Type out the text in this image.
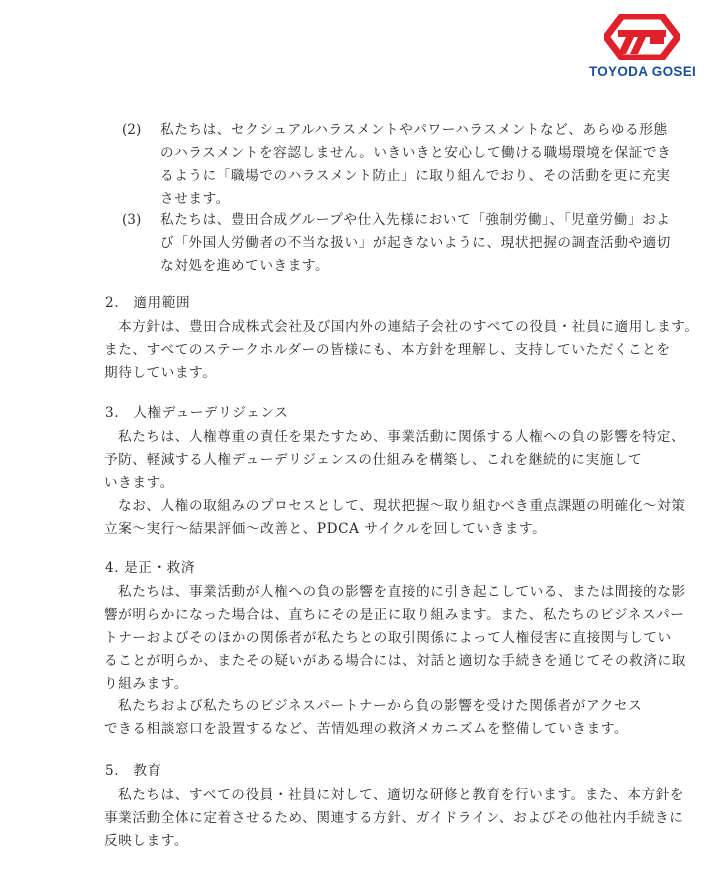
TOYODA GOSEI
(2) 私たちは、セクシュアルハラスメントやパワーハラスメントなど、あらゆる形態
のハラスメントを容認しません。いきいきと安心して働ける職場環境を保証でき
るように「職場でのハラスメント防止」に取り組んでおり、その活動を更に充実
させます。
(3) 私たちは、豊田合成グループや仕入先様において「強制労働」、「児童労働」およ
び「外国人労働者の不当な扱い」が起きないように、現状把握の調査活動や適切
な対処を進めていきます。
2.　適用範囲
本方針は、豊田合成株式会社及び国内外の連結子会社のすべての役員・社員に適用します。
また、すべてのステークホルダーの皆様にも、本方針を理解し、支持していただくことを
期待しています。
3.　人権デューデリジェンス
私たちは、人権尊重の責任を果たすため、事業活動に関係する人権への負の影響を特定、
予防、軽減する人権デューデリジェンスの仕組みを構築し、これを継続的に実施して
いきます。
なお、人権の取組みのプロセスとして、現状把握～取り組むべき重点課題の明確化～対策
立案～実行～結果評価～改善と、PDCA サイクルを回していきます。
4. 是正・救済
私たちは、事業活動が人権への負の影響を直接的に引き起こしている、または間接的な影
響が明らかになった場合は、直ちにその是正に取り組みます。また、私たちのビジネスパー
トナーおよびそのほかの関係者が私たちとの取引関係によって人権侵害に直接関与してい
ることが明らか、またその疑いがある場合には、対話と適切な手続きを通じてその救済に取
り組みます。
私たちおよび私たちのビジネスパートナーから負の影響を受けた関係者がアクセス
できる相談窓口を設置するなど、苦情処理の救済メカニズムを整備していきます。
5.　教育
私たちは、すべての役員・社員に対して、適切な研修と教育を行います。また、本方針を
事業活動全体に定着させるため、関連する方針、ガイドライン、およびその他社内手続きに
反映します。
